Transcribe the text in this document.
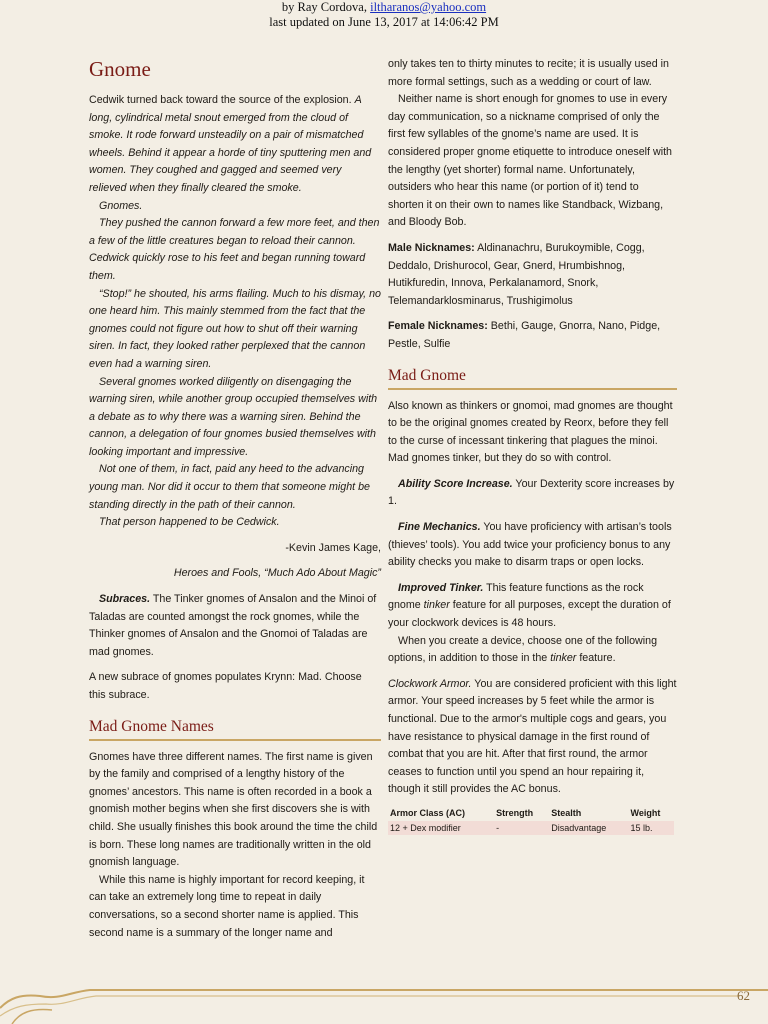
by Ray Cordova, iltharanos@yahoo.com
last updated on June 13, 2017 at 14:06:42 PM
Gnome

Cedwik turned back toward the source of the explosion. A long, cylindrical metal snout emerged from the cloud of smoke. It rode forward unsteadily on a pair of mismatched wheels. Behind it appear a horde of tiny sputtering men and women. They coughed and gagged and seemed very relieved when they finally cleared the smoke.

Gnomes.

They pushed the cannon forward a few more feet, and then a few of the little creatures began to reload their cannon. Cedwick quickly rose to his feet and began running toward them.

“Stop!” he shouted, his arms flailing. Much to his dismay, no one heard him. This mainly stemmed from the fact that the gnomes could not figure out how to shut off their warning siren. In fact, they looked rather perplexed that the cannon even had a warning siren.

Several gnomes worked diligently on disengaging the warning siren, while another group occupied themselves with a debate as to why there was a warning siren. Behind the cannon, a delegation of four gnomes busied themselves with looking important and impressive.

Not one of them, in fact, paid any heed to the advancing young man. Nor did it occur to them that someone might be standing directly in the path of their cannon.

That person happened to be Cedwick.

-Kevin James Kage,

Heroes and Fools, “Much Ado About Magic”

Subraces. The Tinker gnomes of Ansalon and the Minoi of Taladas are counted amongst the rock gnomes, while the Thinker gnomes of Ansalon and the Gnomoi of Taladas are mad gnomes.

A new subrace of gnomes populates Krynn: Mad. Choose this subrace.

Mad Gnome Names

Gnomes have three different names. The first name is given by the family and comprised of a lengthy history of the gnomes’ ancestors. This name is often recorded in a book a gnomish mother begins when she first discovers she is with child. She usually finishes this book around the time the child is born. These long names are traditionally written in the old gnomish language.

While this name is highly important for record keeping, it can take an extremely long time to repeat in daily conversations, so a second shorter name is applied. This second name is a summary of the longer name and

only takes ten to thirty minutes to recite; it is usually used in more formal settings, such as a wedding or court of law.

Neither name is short enough for gnomes to use in every day communication, so a nickname comprised of only the first few syllables of the gnome’s name are used. It is considered proper gnome etiquette to introduce oneself with the lengthy (yet shorter) formal name. Unfortunately, outsiders who hear this name (or portion of it) tend to shorten it on their own to names like Standback, Wizbang, and Bloody Bob.

Male Nicknames: Aldinanachru, Burukoymible, Cogg, Deddalo, Drishurocol, Gear, Gnerd, Hrumbishnog, Hutikfuredin, Innova, Perkalanamord, Snork, Telemandarklosminarus, Trushigimolus

Female Nicknames: Bethi, Gauge, Gnorra, Nano, Pidge, Pestle, Sulfie

Mad Gnome

Also known as thinkers or gnomoi, mad gnomes are thought to be the original gnomes created by Reorx, before they fell to the curse of incessant tinkering that plagues the minoi. Mad gnomes tinker, but they do so with control.

Ability Score Increase. Your Dexterity score increases by 1.

Fine Mechanics. You have proficiency with artisan’s tools (thieves’ tools). You add twice your proficiency bonus to any ability checks you make to disarm traps or open locks.

Improved Tinker. This feature functions as the rock gnome tinker feature for all purposes, except the duration of your clockwork devices is 48 hours.

When you create a device, choose one of the following options, in addition to those in the tinker feature.

Clockwork Armor. You are considered proficient with this light armor. Your speed increases by 5 feet while the armor is functional. Due to the armor's multiple cogs and gears, you have resistance to physical damage in the first round of combat that you are hit. After that first round, the armor ceases to function until you spend an hour repairing it, though it still provides the AC bonus.

Armor Class (AC)	Strength	Stealth	Weight
12 + Dex modifier	-	Disadvantage	15 lb.
62
